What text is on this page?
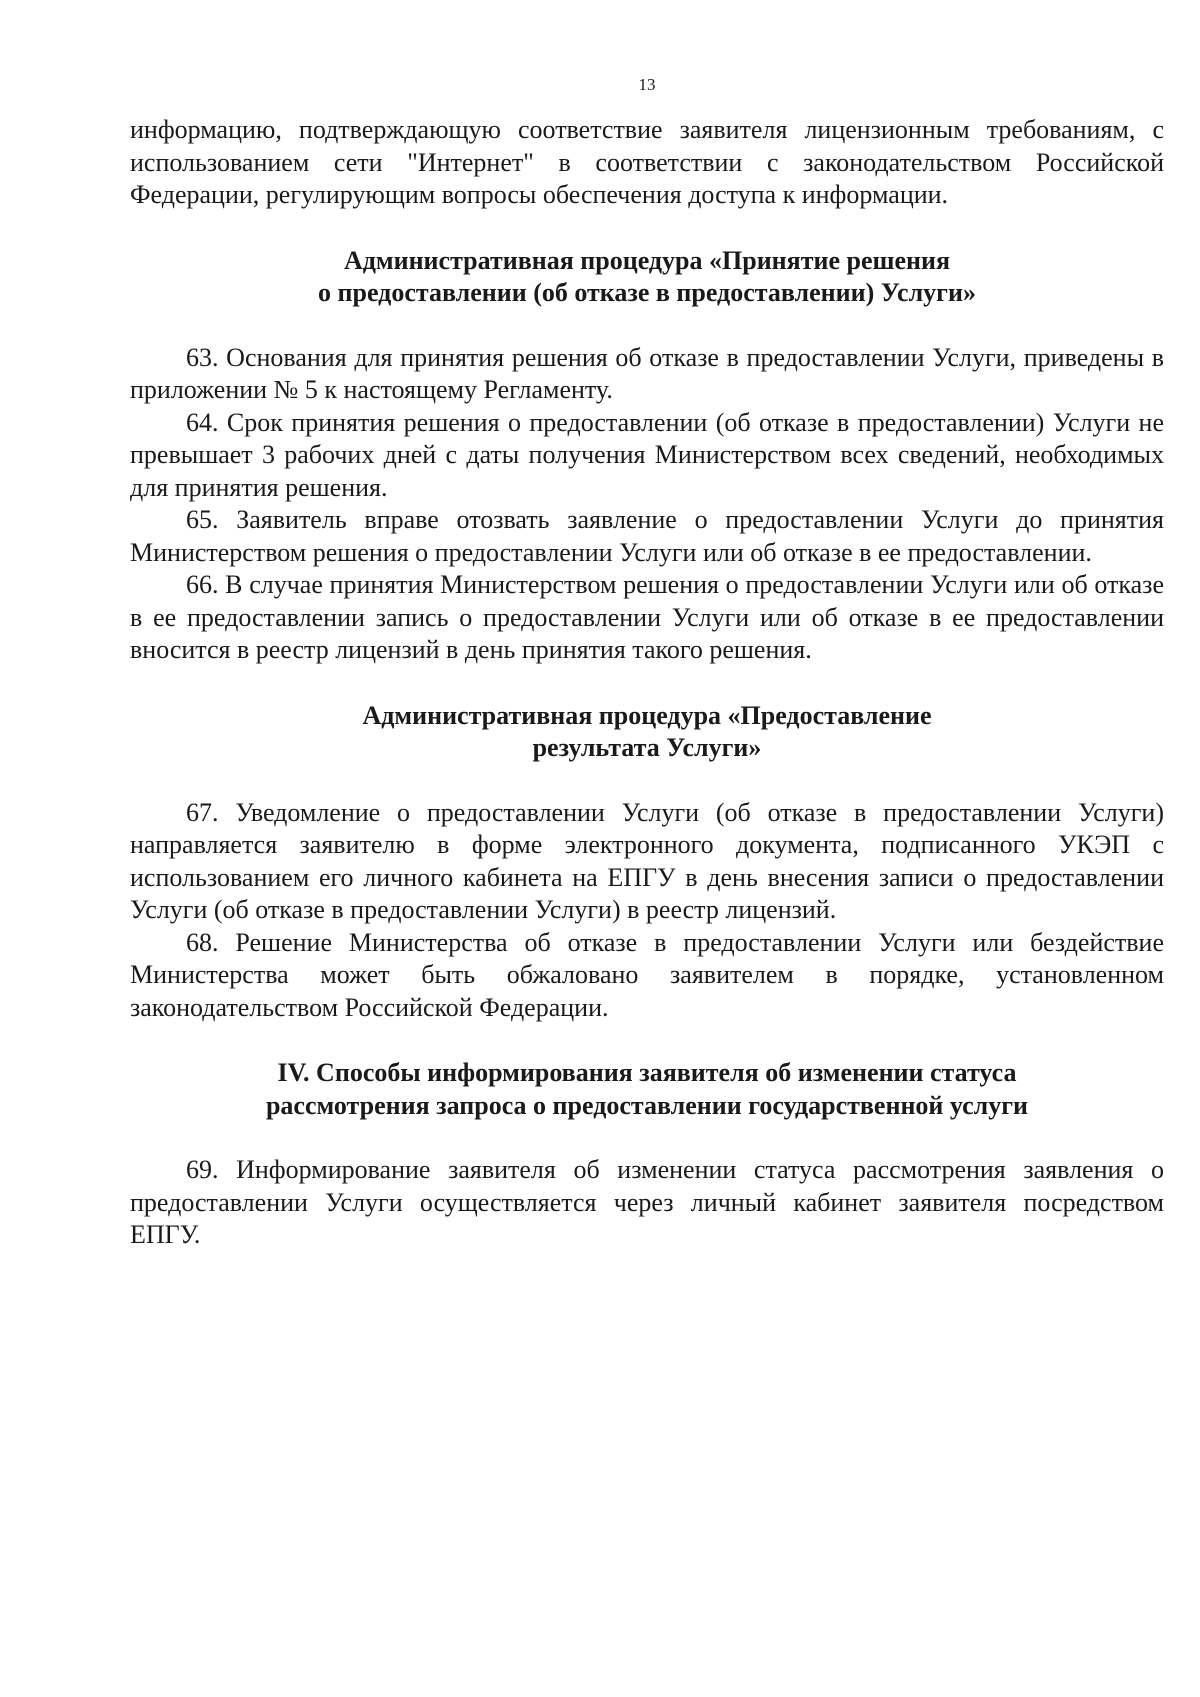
13

информацию, подтверждающую соответствие заявителя лицензионным требованиям, с использованием сети "Интернет" в соответствии с законодательством Российской Федерации, регулирующим вопросы обеспечения доступа к информации.

Административная процедура «Принятие решения
о предоставлении (об отказе в предоставлении) Услуги»

63. Основания для принятия решения об отказе в предоставлении Услуги, приведены в приложении № 5 к настоящему Регламенту.

64. Срок принятия решения о предоставлении (об отказе в предоставлении) Услуги не превышает 3 рабочих дней с даты получения Министерством всех сведений, необходимых для принятия решения.

65. Заявитель вправе отозвать заявление о предоставлении Услуги до принятия Министерством решения о предоставлении Услуги или об отказе в ее предоставлении.

66. В случае принятия Министерством решения о предоставлении Услуги или об отказе в ее предоставлении запись о предоставлении Услуги или об отказе в ее предоставлении вносится в реестр лицензий в день принятия такого решения.

Административная процедура «Предоставление
результата Услуги»

67. Уведомление о предоставлении Услуги (об отказе в предоставлении Услуги) направляется заявителю в форме электронного документа, подписанного УКЭП с использованием его личного кабинета на ЕПГУ в день внесения записи о предоставлении Услуги (об отказе в предоставлении Услуги) в реестр лицензий.

68. Решение Министерства об отказе в предоставлении Услуги или бездействие Министерства может быть обжаловано заявителем в порядке, установленном законодательством Российской Федерации.

IV. Способы информирования заявителя об изменении статуса
рассмотрения запроса о предоставлении государственной услуги

69. Информирование заявителя об изменении статуса рассмотрения заявления о предоставлении Услуги осуществляется через личный кабинет заявителя посредством ЕПГУ.
